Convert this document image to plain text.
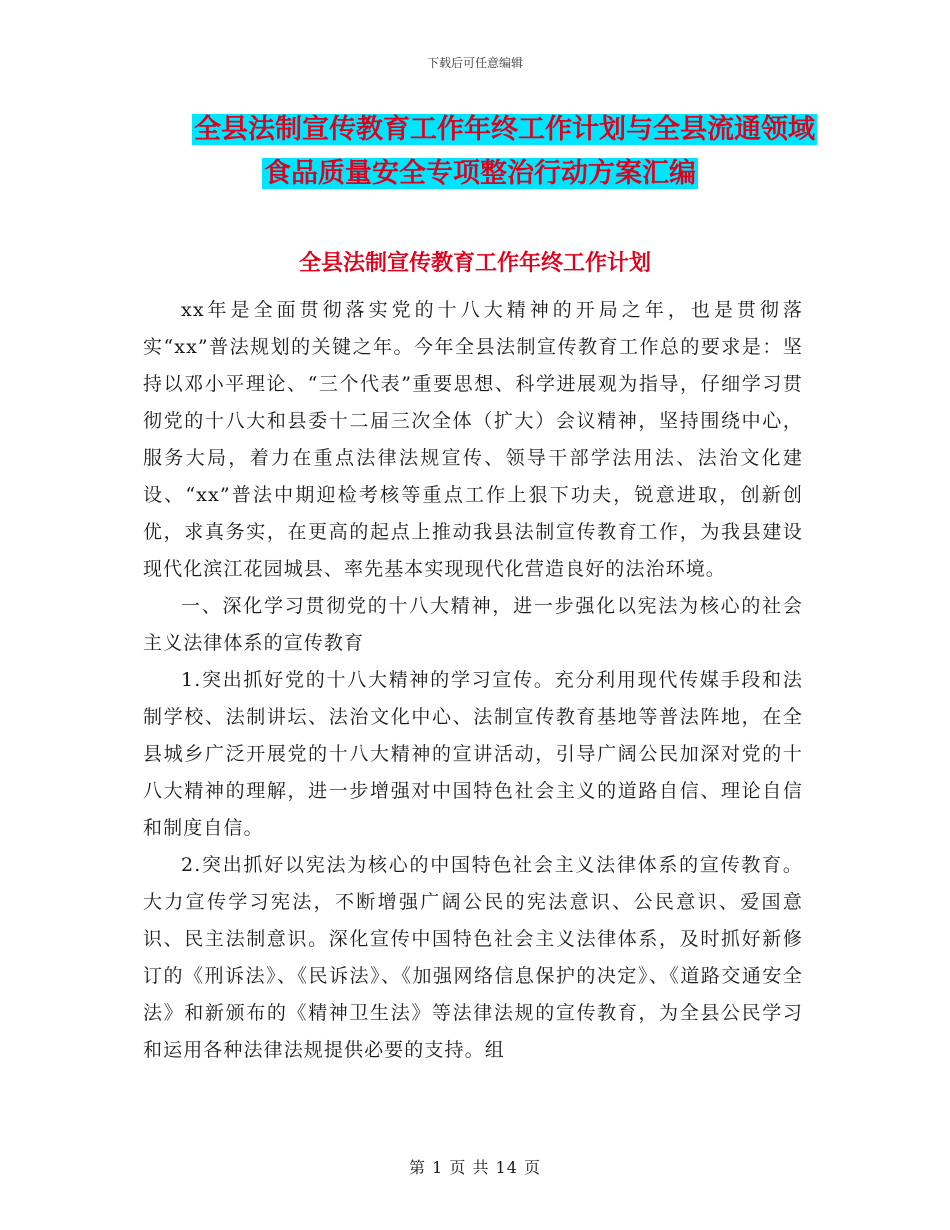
下载后可任意编辑
全县法制宣传教育工作年终工作计划与全县流通领域
食品质量安全专项整治行动方案汇编
全县法制宣传教育工作年终工作计划

xx年是全面贯彻落实党的十八大精神的开局之年，也是贯彻落实“xx”普法规划的关键之年。今年全县法制宣传教育工作总的要求是：坚持以邓小平理论、“三个代表”重要思想、科学进展观为指导，仔细学习贯彻党的十八大和县委十二届三次全体（扩大）会议精神，坚持围绕中心，服务大局，着力在重点法律法规宣传、领导干部学法用法、法治文化建设、“xx”普法中期迎检考核等重点工作上狠下功夫，锐意进取，创新创优，求真务实，在更高的起点上推动我县法制宣传教育工作，为我县建设现代化滨江花园城县、率先基本实现现代化营造良好的法治环境。

一、深化学习贯彻党的十八大精神，进一步强化以宪法为核心的社会主义法律体系的宣传教育

1.突出抓好党的十八大精神的学习宣传。充分利用现代传媒手段和法制学校、法制讲坛、法治文化中心、法制宣传教育基地等普法阵地，在全县城乡广泛开展党的十八大精神的宣讲活动，引导广阔公民加深对党的十八大精神的理解，进一步增强对中国特色社会主义的道路自信、理论自信和制度自信。

2.突出抓好以宪法为核心的中国特色社会主义法律体系的宣传教育。大力宣传学习宪法，不断增强广阔公民的宪法意识、公民意识、爱国意识、民主法制意识。深化宣传中国特色社会主义法律体系，及时抓好新修订的《刑诉法》、《民诉法》、《加强网络信息保护的决定》、《道路交通安全法》和新颁布的《精神卫生法》等法律法规的宣传教育，为全县公民学习和运用各种法律法规提供必要的支持。组

第 1 页 共 14 页
